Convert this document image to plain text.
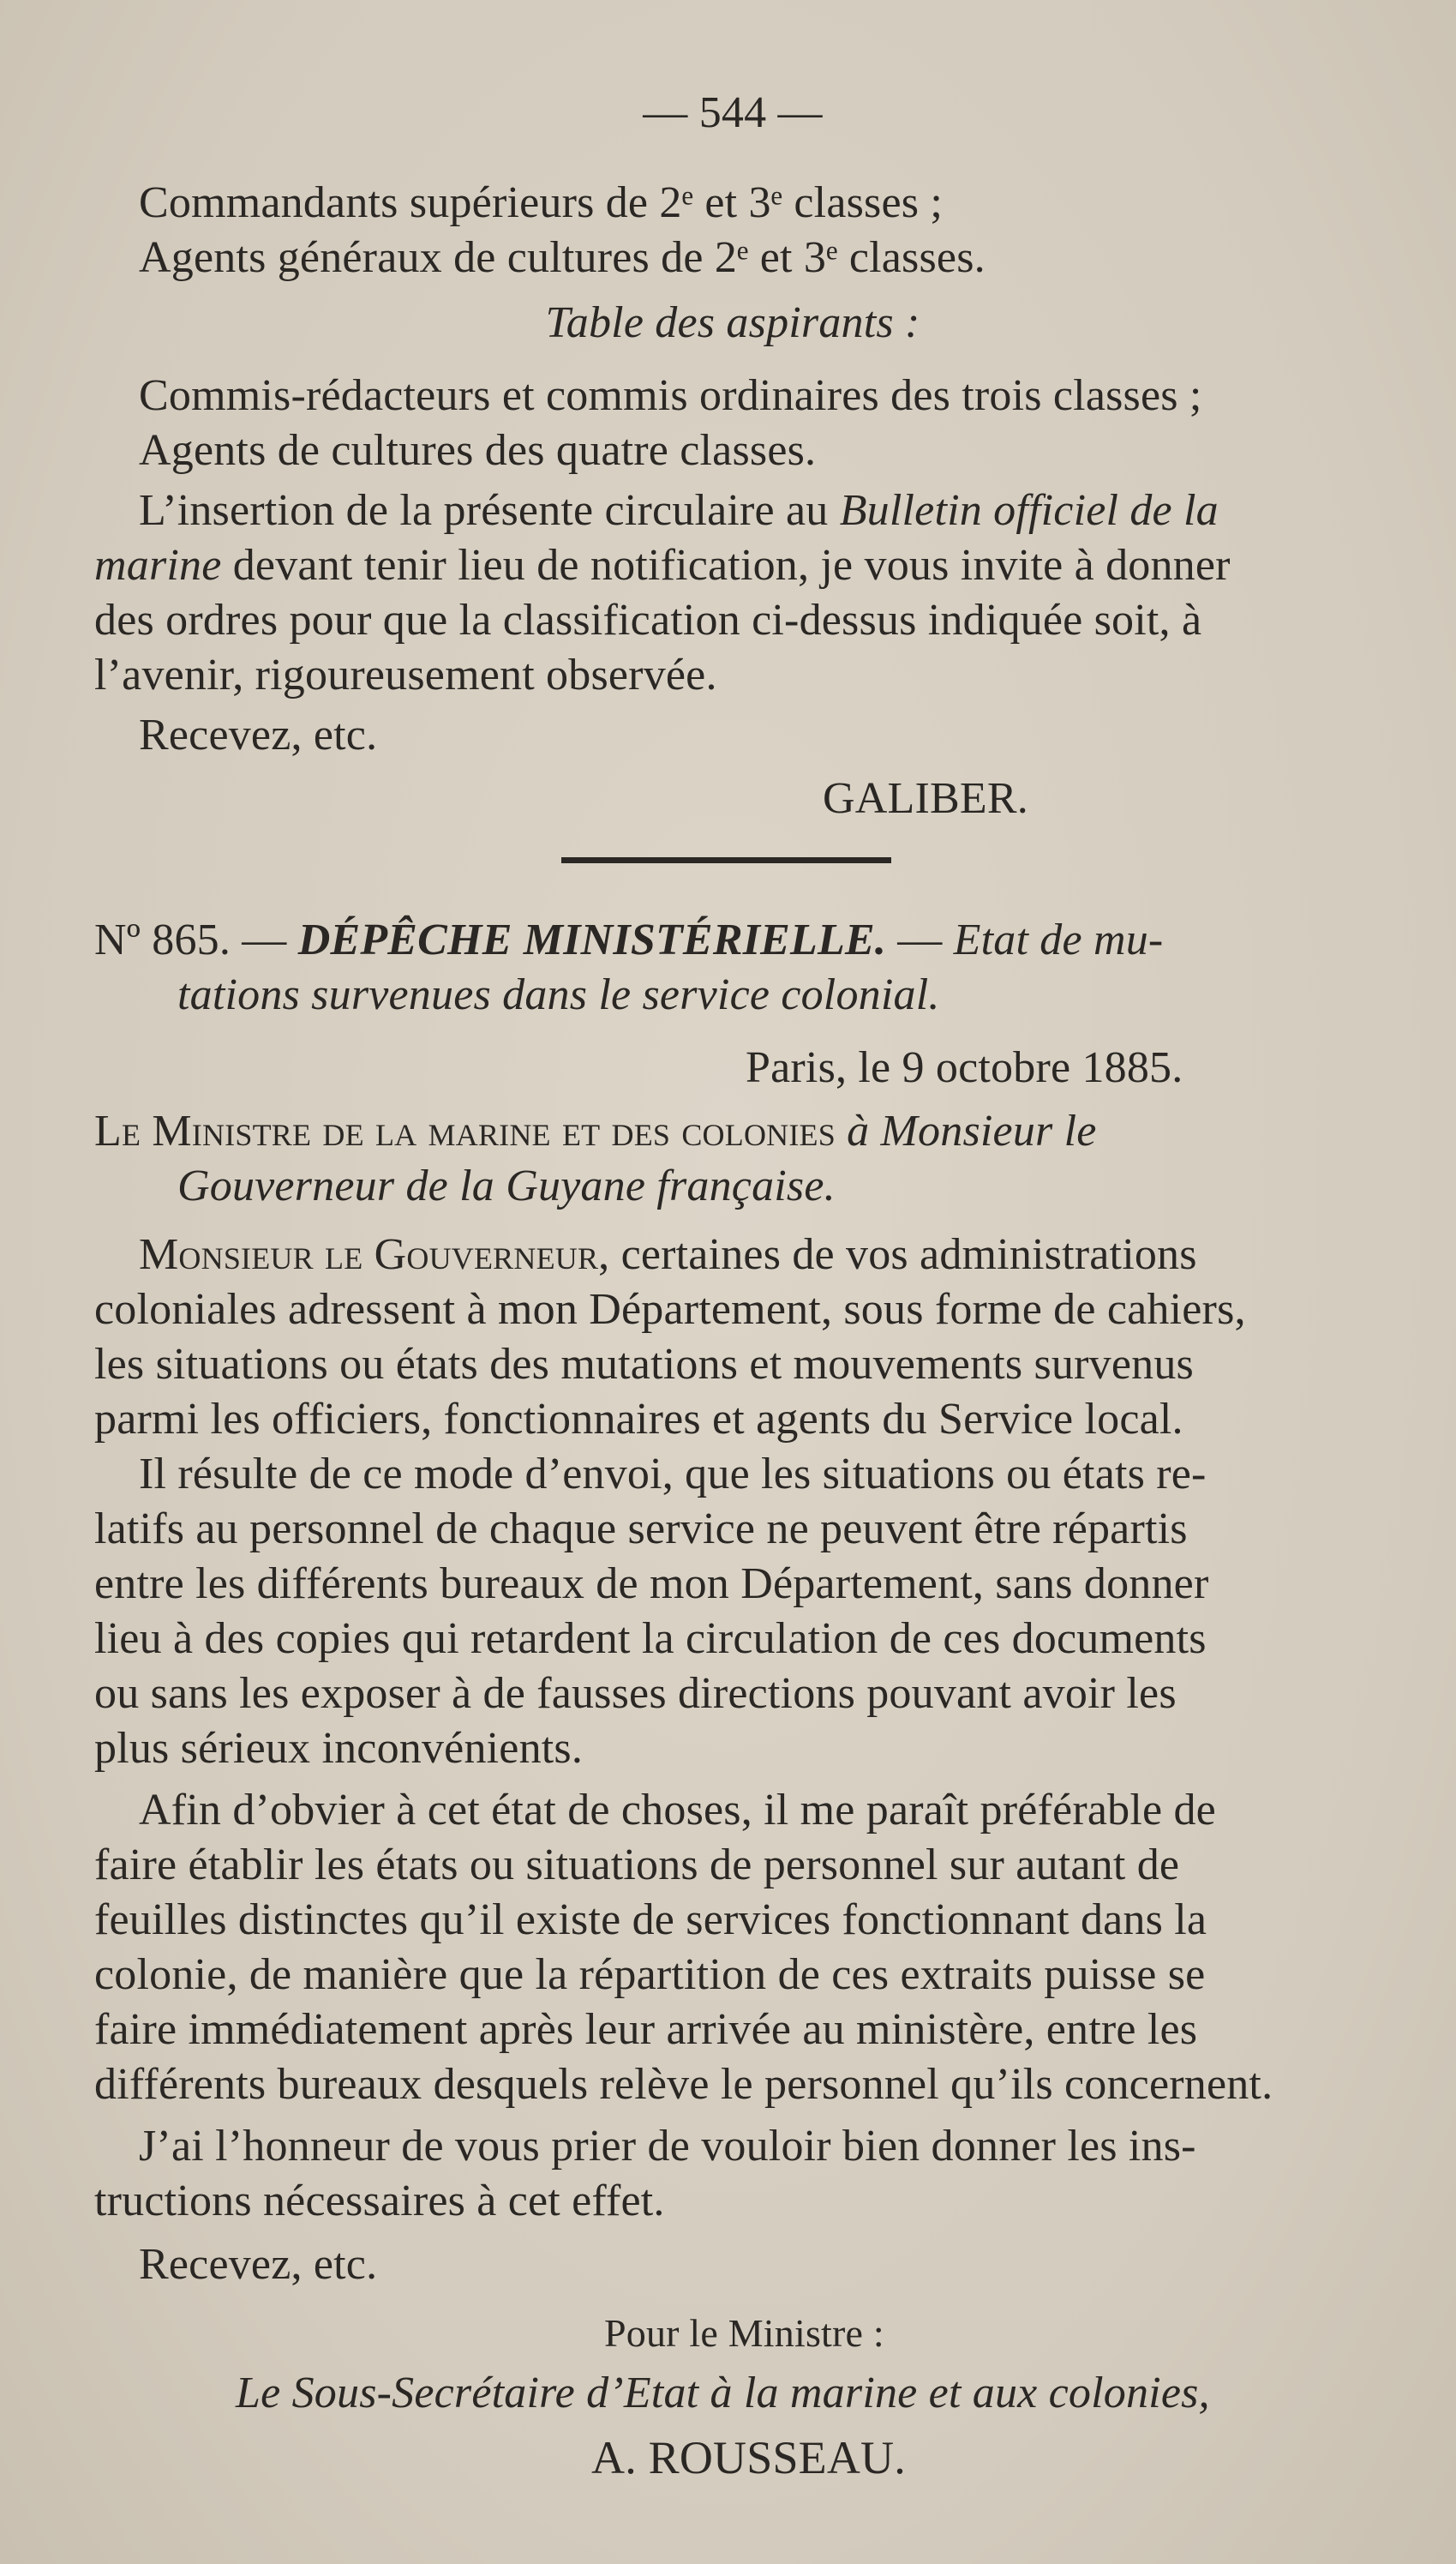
— 544 —
Commandants supérieurs de 2ᵉ et 3ᵉ classes ;
Agents généraux de cultures de 2ᵉ et 3ᵉ classes.
Table des aspirants :
Commis-rédacteurs et commis ordinaires des trois classes ;
Agents de cultures des quatre classes.
L’insertion de la présente circulaire au Bulletin officiel de la
marine devant tenir lieu de notification, je vous invite à donner
des ordres pour que la classification ci-dessus indiquée soit, à
l’avenir, rigoureusement observée.
Recevez, etc.
GALIBER.
Nº 865. — DÉPÊCHE MINISTÉRIELLE. — Etat de mu-
tations survenues dans le service colonial.
Paris, le 9 octobre 1885.
Le Ministre de la marine et des colonies à Monsieur le
Gouverneur de la Guyane française.
Monsieur le Gouverneur, certaines de vos administrations
coloniales adressent à mon Département, sous forme de cahiers,
les situations ou états des mutations et mouvements survenus
parmi les officiers, fonctionnaires et agents du Service local.
Il résulte de ce mode d’envoi, que les situations ou états re-
latifs au personnel de chaque service ne peuvent être répartis
entre les différents bureaux de mon Département, sans donner
lieu à des copies qui retardent la circulation de ces documents
ou sans les exposer à de fausses directions pouvant avoir les
plus sérieux inconvénients.
Afin d’obvier à cet état de choses, il me paraît préférable de
faire établir les états ou situations de personnel sur autant de
feuilles distinctes qu’il existe de services fonctionnant dans la
colonie, de manière que la répartition de ces extraits puisse se
faire immédiatement après leur arrivée au ministère, entre les
différents bureaux desquels relève le personnel qu’ils concernent.
J’ai l’honneur de vous prier de vouloir bien donner les ins-
tructions nécessaires à cet effet.
Recevez, etc.
Pour le Ministre :
Le Sous-Secrétaire d’Etat à la marine et aux colonies,
A. ROUSSEAU.
